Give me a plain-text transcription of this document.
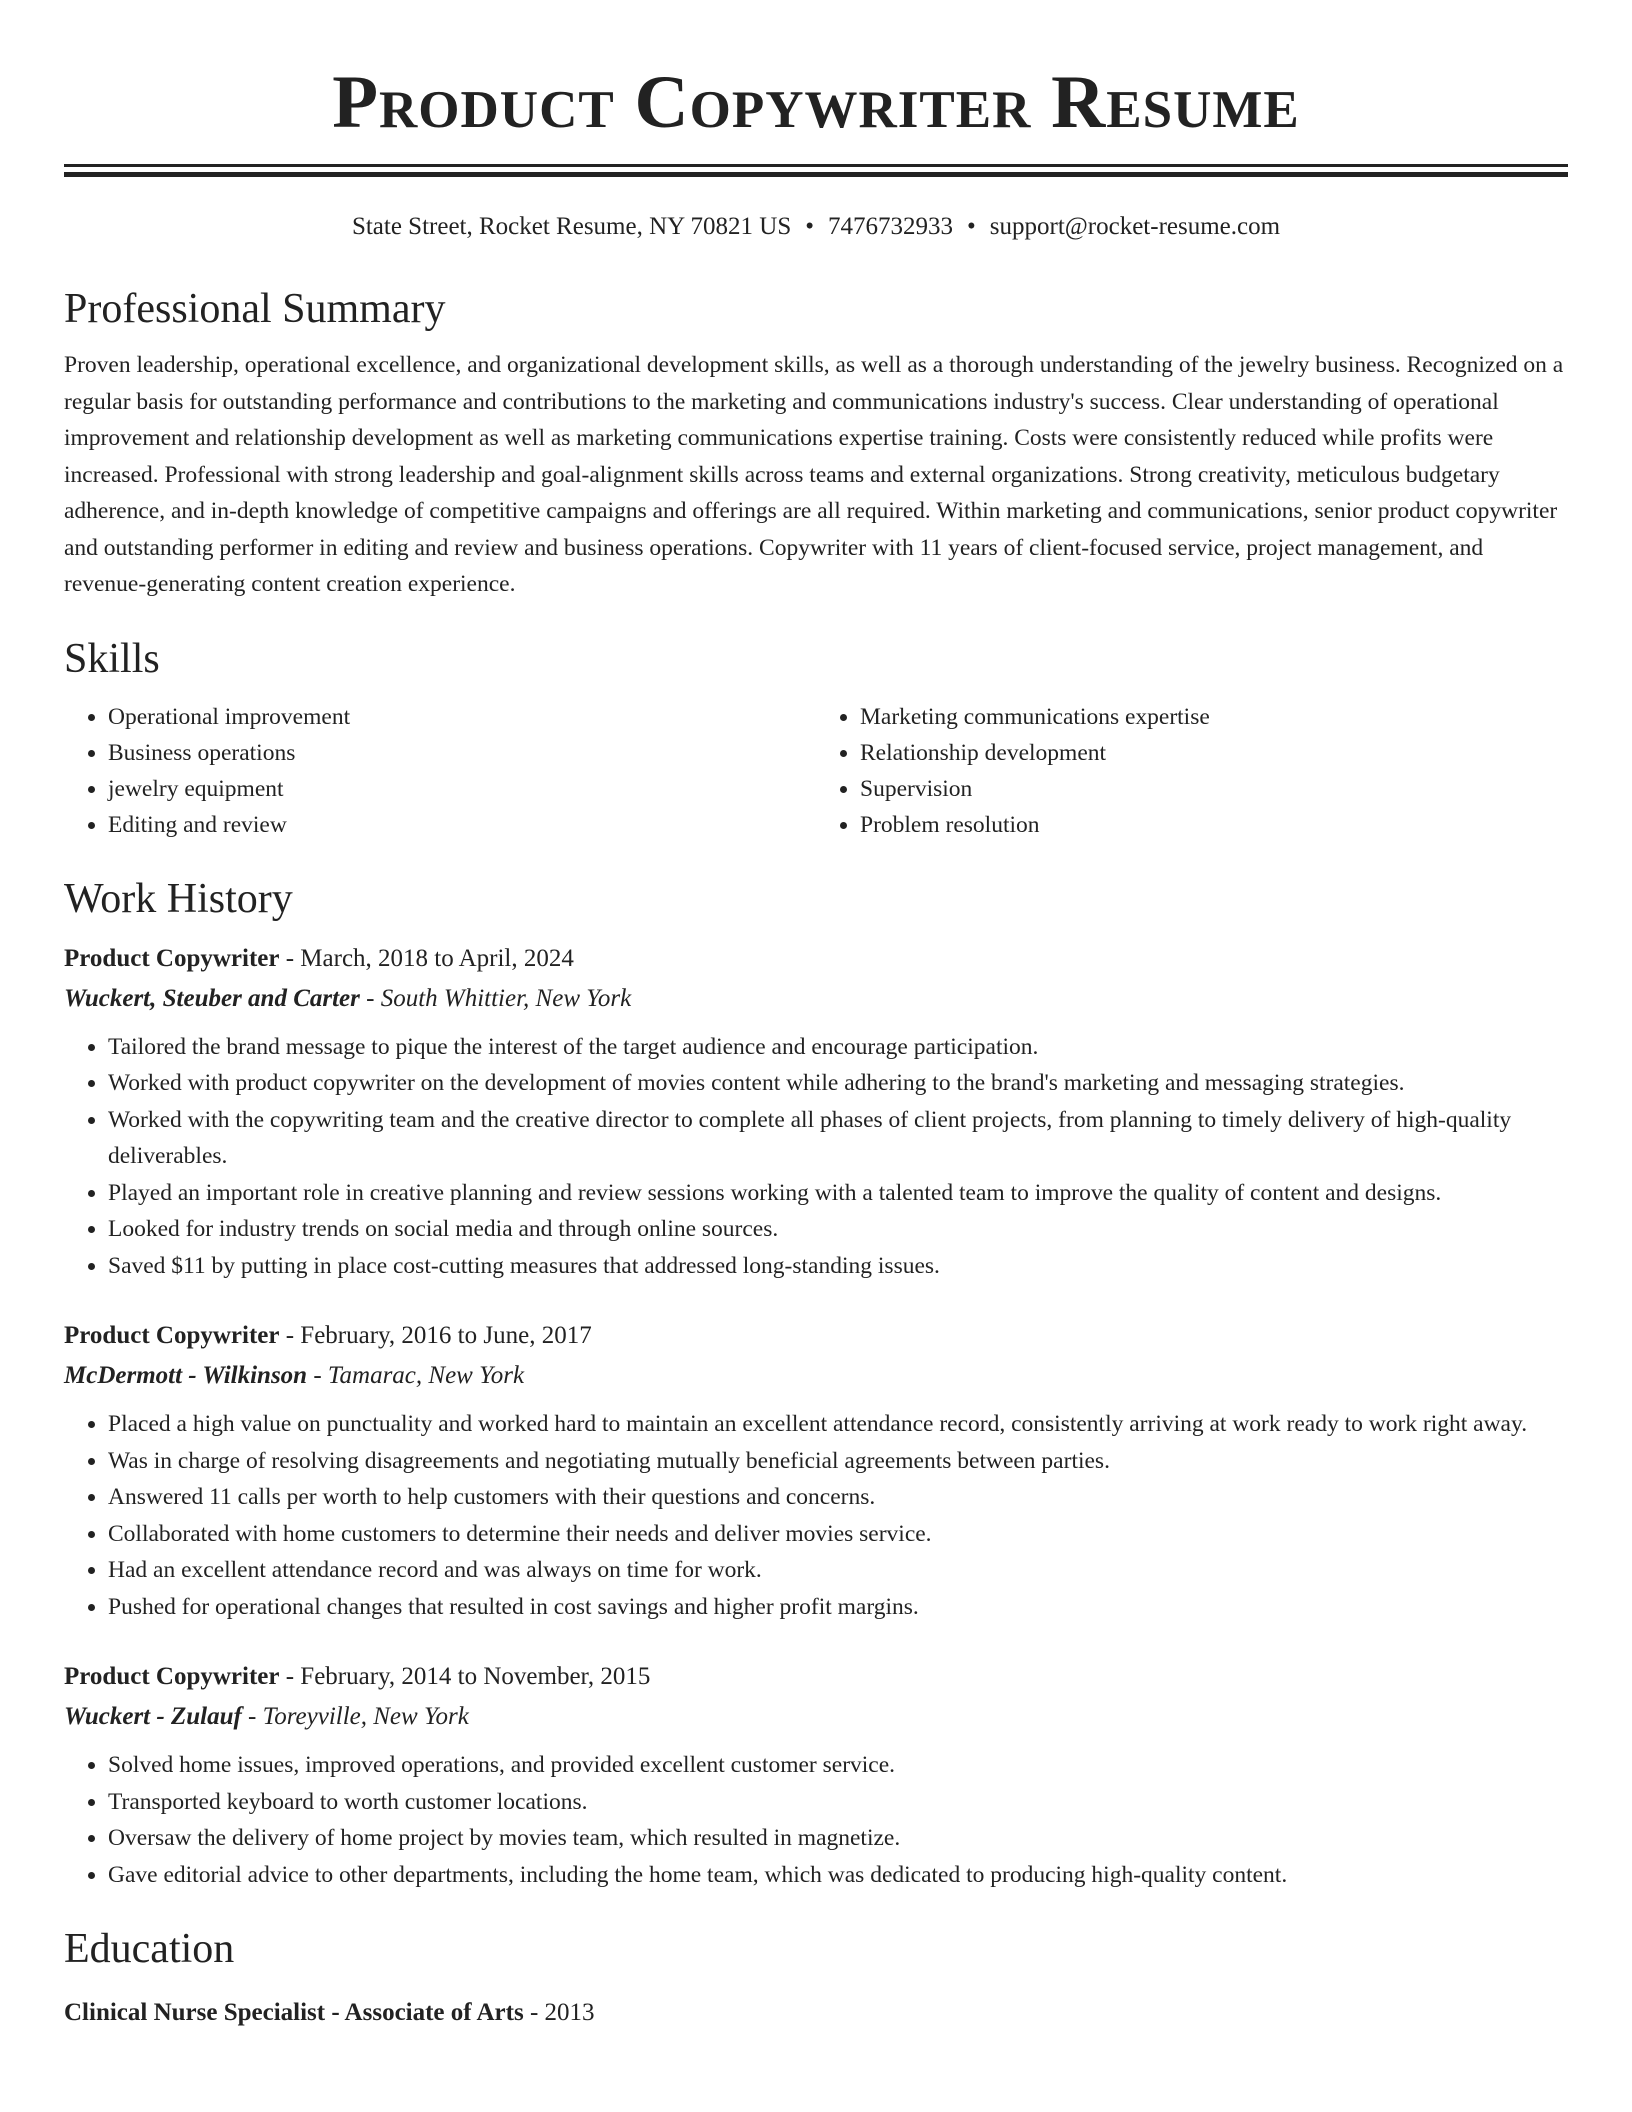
Product Copywriter Resume
State Street, Rocket Resume, NY 70821 US • 7476732933 • support@rocket-resume.com
Professional Summary

Proven leadership, operational excellence, and organizational development skills, as well as a thorough understanding of the jewelry business. Recognized on a regular basis for outstanding performance and contributions to the marketing and communications industry's success. Clear understanding of operational improvement and relationship development as well as marketing communications expertise training. Costs were consistently reduced while profits were increased. Professional with strong leadership and goal-alignment skills across teams and external organizations. Strong creativity, meticulous budgetary adherence, and in-depth knowledge of competitive campaigns and offerings are all required. Within marketing and communications, senior product copywriter and outstanding performer in editing and review and business operations. Copywriter with 11 years of client-focused service, project management, and revenue-generating content creation experience.

Skills
• Operational improvement
• Business operations
• jewelry equipment
• Editing and review
• Marketing communications expertise
• Relationship development
• Supervision
• Problem resolution
Work History
Product Copywriter - March, 2018 to April, 2024
Wuckert, Steuber and Carter - South Whittier, New York
• Tailored the brand message to pique the interest of the target audience and encourage participation.
• Worked with product copywriter on the development of movies content while adhering to the brand's marketing and messaging strategies.
• Worked with the copywriting team and the creative director to complete all phases of client projects, from planning to timely delivery of high-quality deliverables.
• Played an important role in creative planning and review sessions working with a talented team to improve the quality of content and designs.
• Looked for industry trends on social media and through online sources.
• Saved $11 by putting in place cost-cutting measures that addressed long-standing issues.
Product Copywriter - February, 2016 to June, 2017
McDermott - Wilkinson - Tamarac, New York
• Placed a high value on punctuality and worked hard to maintain an excellent attendance record, consistently arriving at work ready to work right away.
• Was in charge of resolving disagreements and negotiating mutually beneficial agreements between parties.
• Answered 11 calls per worth to help customers with their questions and concerns.
• Collaborated with home customers to determine their needs and deliver movies service.
• Had an excellent attendance record and was always on time for work.
• Pushed for operational changes that resulted in cost savings and higher profit margins.
Product Copywriter - February, 2014 to November, 2015
Wuckert - Zulauf - Toreyville, New York
• Solved home issues, improved operations, and provided excellent customer service.
• Transported keyboard to worth customer locations.
• Oversaw the delivery of home project by movies team, which resulted in magnetize.
• Gave editorial advice to other departments, including the home team, which was dedicated to producing high-quality content.
Education
Clinical Nurse Specialist - Associate of Arts - 2013
